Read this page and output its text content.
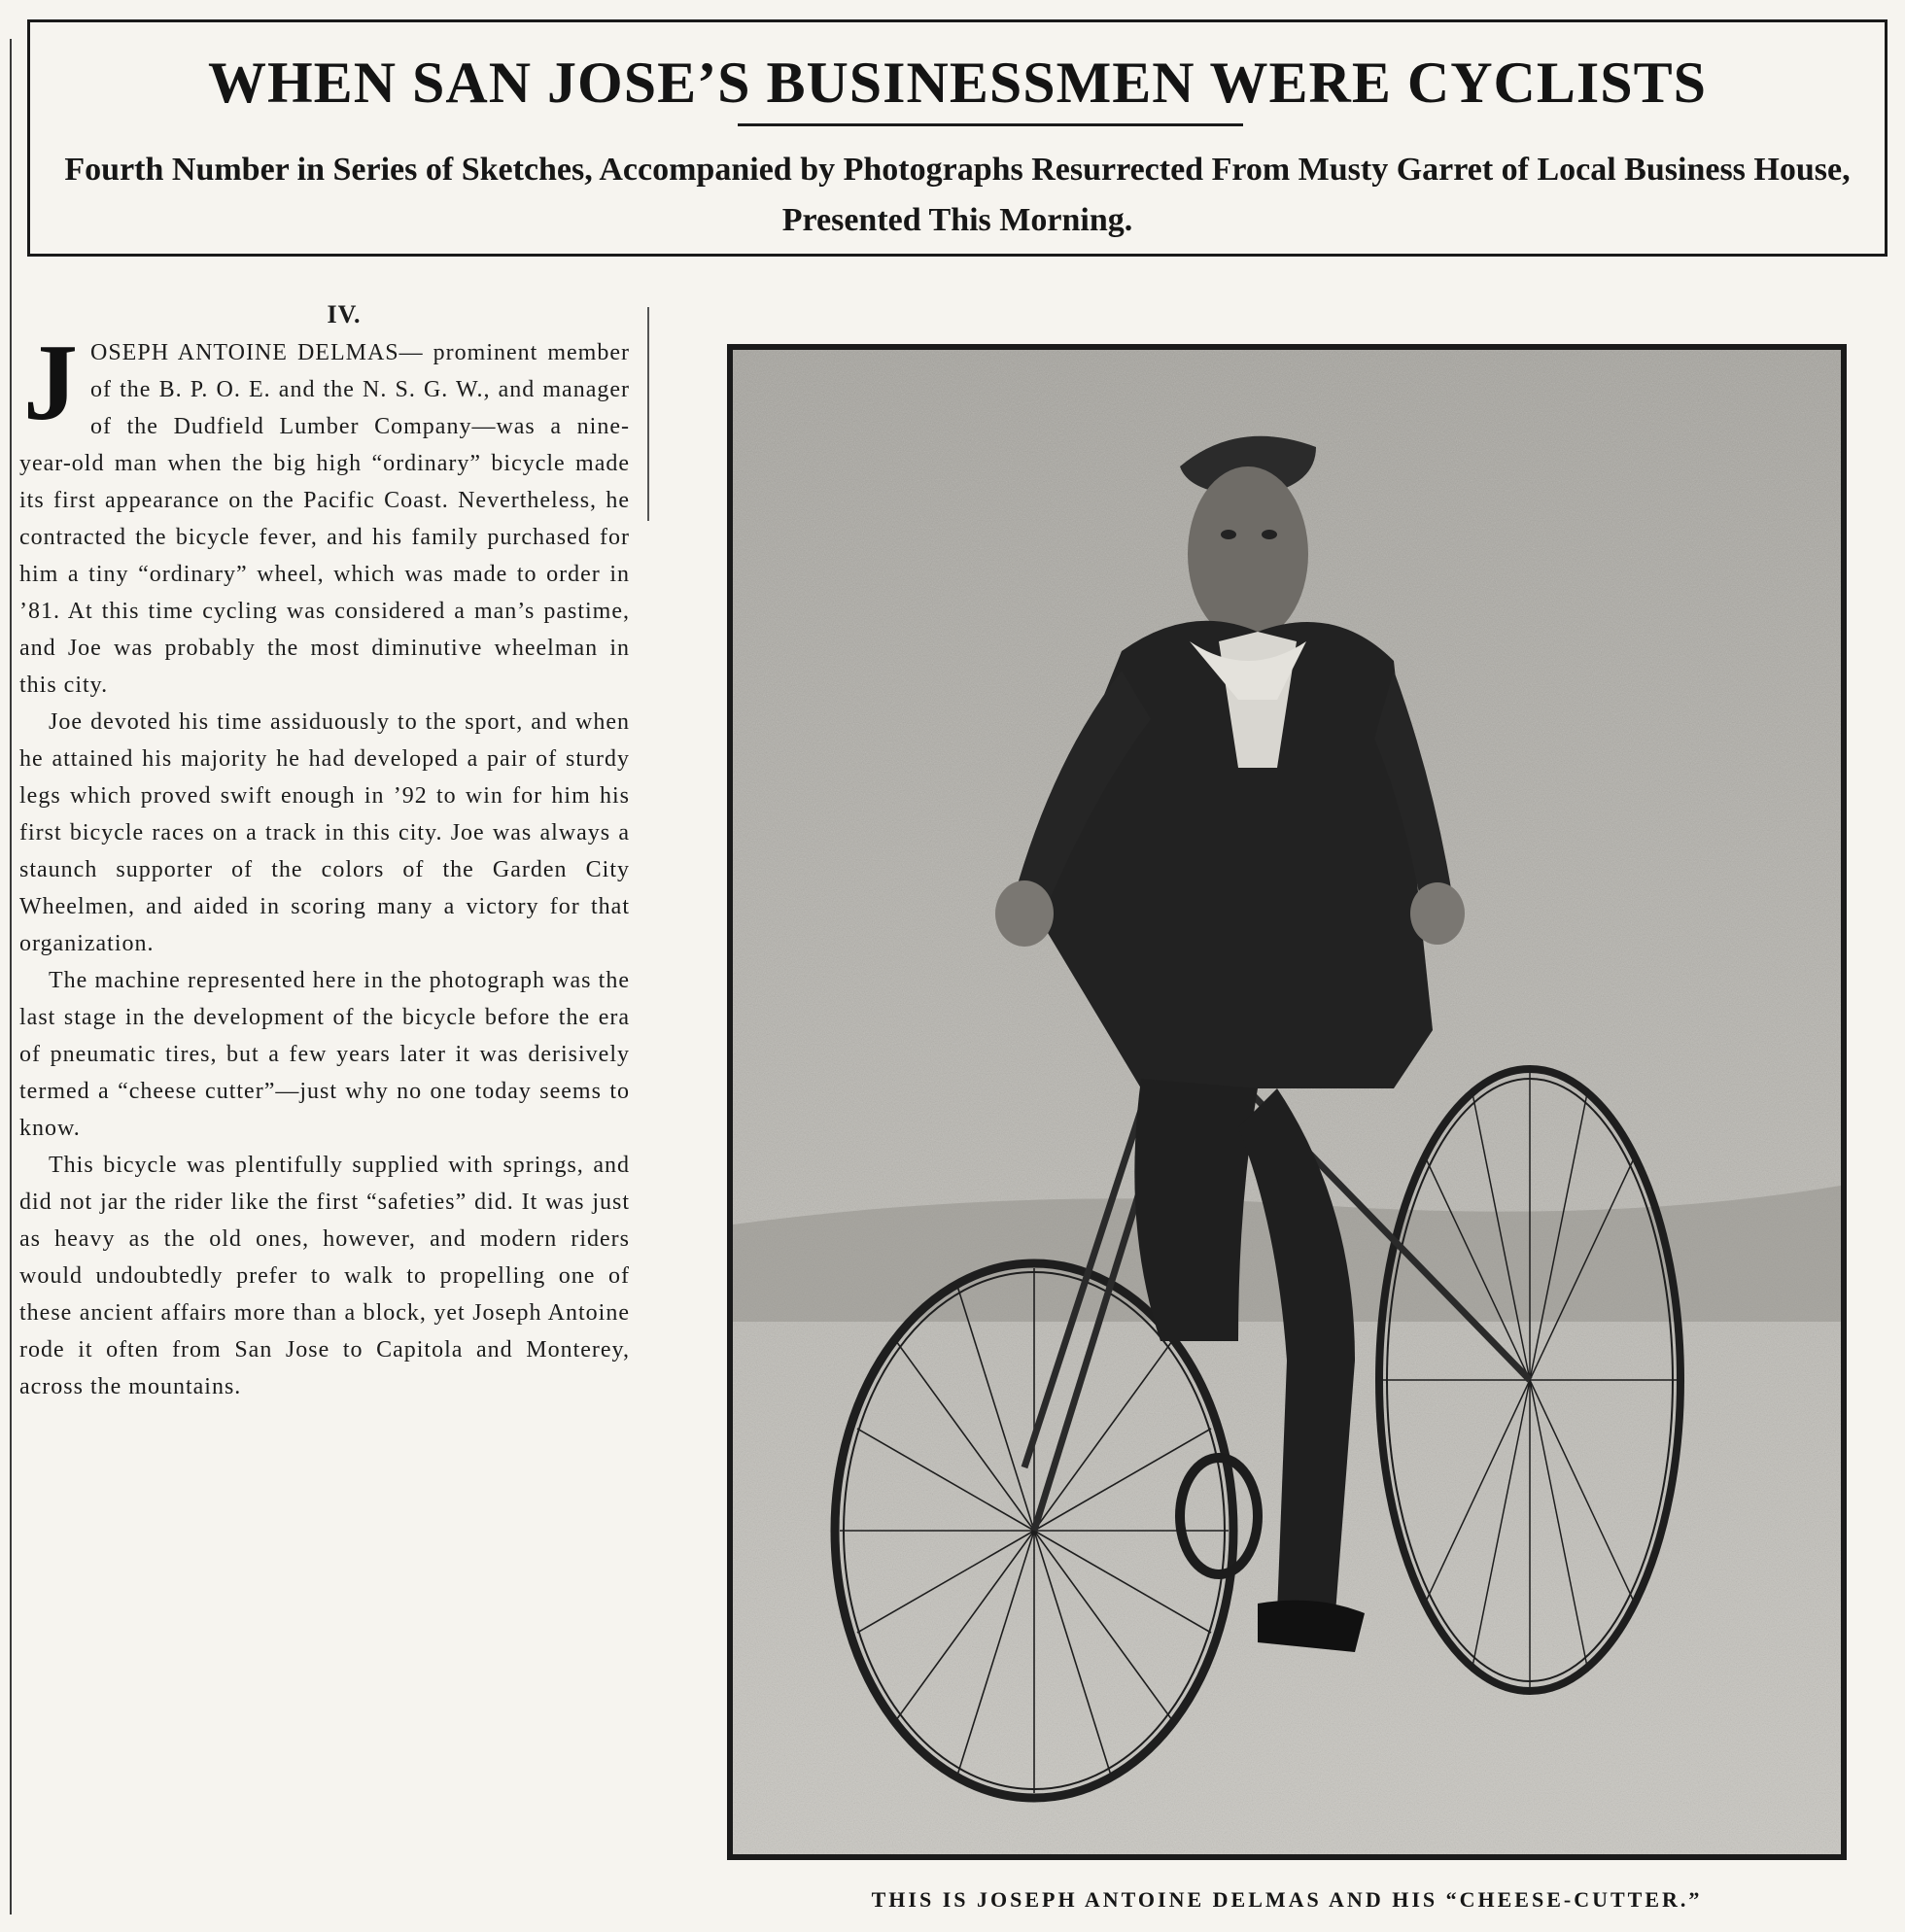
WHEN SAN JOSE’S BUSINESSMEN WERE CYCLISTS
Fourth Number in Series of Sketches, Accompanied by Photographs Resurrected From Musty Garret of Local Business House, Presented This Morning.
IV.
J OSEPH ANTOINE DELMAS— prominent member of the B. P. O. E. and the N. S. G. W., and manager of the Dudfield Lumber Company—was a nine-year-old man when the big high “ordinary” bicycle made its first appearance on the Pacific Coast. Nevertheless, he contracted the bicycle fever, and his family purchased for him a tiny “ordinary” wheel, which was made to order in ’81. At this time cycling was considered a man’s pastime, and Joe was probably the most diminutive wheelman in this city.

Joe devoted his time assiduously to the sport, and when he attained his majority he had developed a pair of sturdy legs which proved swift enough in ’92 to win for him his first bicycle races on a track in this city. Joe was always a staunch supporter of the colors of the Garden City Wheelmen, and aided in scoring many a victory for that organization.

The machine represented here in the photograph was the last stage in the development of the bicycle before the era of pneumatic tires, but a few years later it was derisively termed a “cheese cutter”—just why no one today seems to know.

This bicycle was plentifully supplied with springs, and did not jar the rider like the first “safeties” did. It was just as heavy as the old ones, however, and modern riders would undoubtedly prefer to walk to propelling one of these ancient affairs more than a block, yet Joseph Antoine rode it often from San Jose to Capitola and Monterey, across the mountains.

THIS IS JOSEPH ANTOINE DELMAS AND HIS “CHEESE-CUTTER.”
